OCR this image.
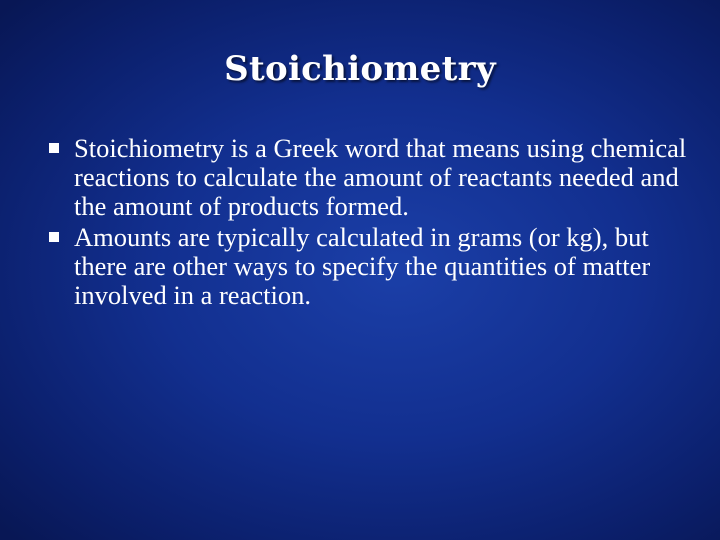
Stoichiometry
Stoichiometry is a Greek word that means using chemical reactions to calculate the amount of reactants needed and the amount of products formed.
Amounts are typically calculated in grams (or kg), but there are other ways to specify the quantities of matter involved in a reaction.
